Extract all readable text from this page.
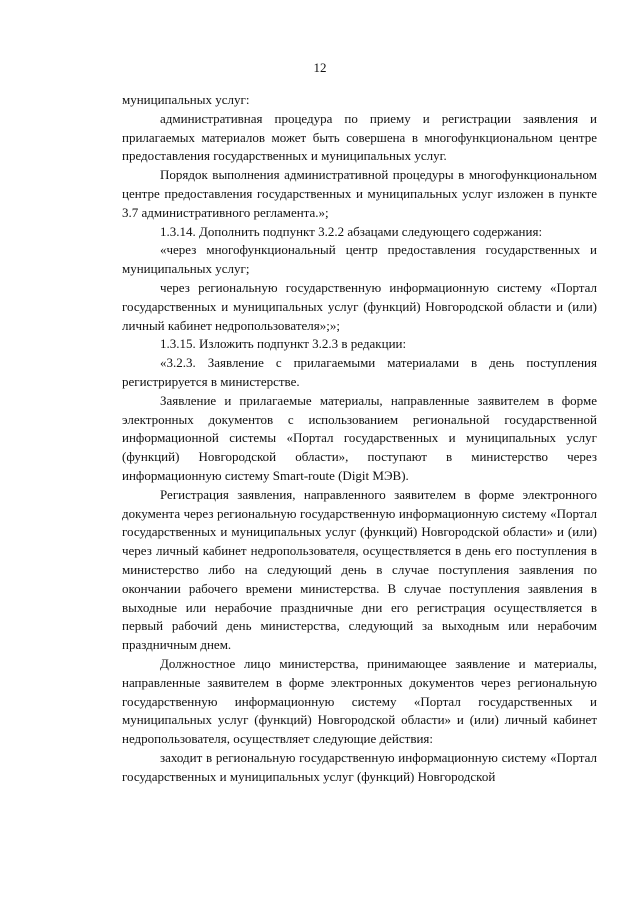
12

муниципальных услуг:

административная процедура по приему и регистрации заявления и прилагаемых материалов может быть совершена в многофункциональном центре предоставления государственных и муниципальных услуг.

Порядок выполнения административной процедуры в многофункциональном центре предоставления государственных и муниципальных услуг изложен в пункте 3.7 административного регламента.»;

1.3.14. Дополнить подпункт 3.2.2 абзацами следующего содержания:

«через многофункциональный центр предоставления государственных и муниципальных услуг;

через региональную государственную информационную систему «Портал государственных и муниципальных услуг (функций) Новгородской области и (или) личный кабинет недропользователя»;»;

1.3.15. Изложить подпункт 3.2.3 в редакции:

«3.2.3. Заявление с прилагаемыми материалами в день поступления регистрируется в министерстве.

Заявление и прилагаемые материалы, направленные заявителем в форме электронных документов с использованием региональной государственной информационной системы «Портал государственных и муниципальных услуг (функций) Новгородской области», поступают в министерство через информационную систему Smart-route (Digit МЭВ).

Регистрация заявления, направленного заявителем в форме электронного документа через региональную государственную информационную систему «Портал государственных и муниципальных услуг (функций) Новгородской области» и (или) через личный кабинет недропользователя, осуществляется в день его поступления в министерство либо на следующий день в случае поступления заявления по окончании рабочего времени министерства. В случае поступления заявления в выходные или нерабочие праздничные дни его регистрация осуществляется в первый рабочий день министерства, следующий за выходным или нерабочим праздничным днем.

Должностное лицо министерства, принимающее заявление и материалы, направленные заявителем в форме электронных документов через региональную государственную информационную систему «Портал государственных и муниципальных услуг (функций) Новгородской области» и (или) личный кабинет недропользователя, осуществляет следующие действия:

заходит в региональную государственную информационную систему «Портал государственных и муниципальных услуг (функций) Новгородской
